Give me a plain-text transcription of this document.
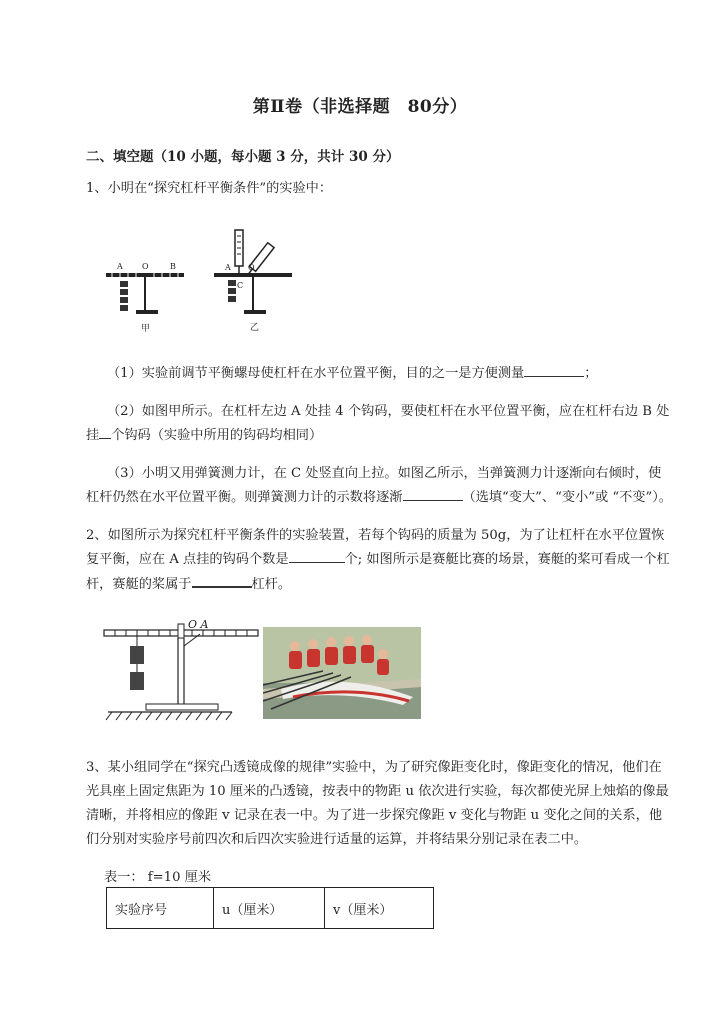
第Ⅱ卷（非选择题　80分）
二、填空题（10 小题，每小题 3 分，共计 30 分）
1、小明在“探究杠杆平衡条件”的实验中：
A O	B
甲
A O
C
乙
（1）实验前调节平衡螺母使杠杆在水平位置平衡，目的之一是方便测量	；
（2）如图甲所示。在杠杆左边 A 处挂 4 个钩码，要使杠杆在水平位置平衡，应在杠杆右边 B 处挂 个钩码（实验中所用的钩码均相同）
（3）小明又用弹簧测力计，在 C 处竖直向上拉。如图乙所示，当弹簧测力计逐渐向右倾时，使杠杆仍然在水平位置平衡。则弹簧测力计的示数将逐渐	（选填“变大”、“变小”或 “不变”）。
2、如图所示为探究杠杆平衡条件的实验装置，若每个钩码的质量为 50g，为了让杠杆在水平位置恢复平衡，应在 A 点挂的钩码个数是	个; 如图所示是赛艇比赛的场景，赛艇的桨可看成一个杠杆，赛艇的桨属于	杠杆。
O A
3、某小组同学在“探究凸透镜成像的规律”实验中，为了研究像距变化时，像距变化的情况，他们在光具座上固定焦距为 10 厘米的凸透镜，按表中的物距 u 依次进行实验，每次都使光屏上烛焰的像最清晰，并将相应的像距 v 记录在表一中。为了进一步探究像距 v 变化与物距 u 变化之间的关系，他们分别对实验序号前四次和后四次实验进行适量的运算，并将结果分别记录在表二中。
表一： f=10 厘米
实验序号	u（厘米）	v（厘米）
